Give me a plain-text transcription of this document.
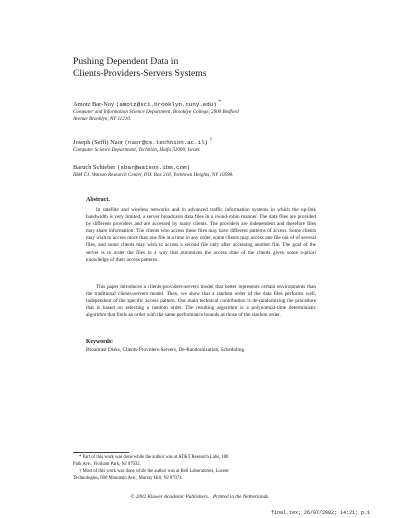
Pushing Dependent Data in
Clients-Providers-Servers Systems
Amotz Bar-Noy (amotz@sci.brooklyn.cuny.edu) *
Computer and Information Science Department, Brooklyn College, 2900 Bedford
Avenue Brooklyn, NY 11210.
Joseph (Seffi) Naor (naor@cs.technion.ac.il) †
Computer Science Department, Technion, Haifa 32000, Israel.
Baruch Schieber (sbar@watson.ibm.com)
IBM T.J. Watson Research Center, P.O. Box 218, Yorktown Heights, NY 10598.
Abstract.
In satellite and wireless networks and in advanced traffic information systems in which the up-link bandwidth is very limited, a server broadcasts data files in a round-robin manner. The data files are provided by different providers and are accessed by many clients. The providers are independent and therefore files may share information. The clients who access these files may have different patterns of access. Some clients may wish to access more than one file at a time in any order, some clients may access one file out of of several files, and some clients may wish to access a second file only after accessing another file. The goal of the server is to order the files in a way that minimizes the access time of the clients given some a-priori knowledge of their access patterns.
This paper introduces a clients-providers-servers model that better represents certain environments than the traditional clients-servers model. Then, we show that a random order of the data files performs well, independent of the specific access pattern. Our main technical contribution is de-randomizing the procedure that is based on selecting a random order. The resulting algorithm is a polynomial-time deterministic algorithm that finds an order with the same performance bounds as those of the random order.
Keywords:
Broadcast Disks, Clients-Providers-Servers, De-Randomization, Scheduling.
* Part of this work was done while the author was at AT&T Research Labs, 180
Park Ave., Florham Park, NJ 07932.
† Most of this work was done while the author was at Bell Laboratories, Lucent
Technologies, 600 Mountain Ave., Murray Hill, NJ 07974.
© 2002 Kluwer Academic Publishers. Printed in the Netherlands.
final.tex; 26/07/2002; 14:21; p.1
